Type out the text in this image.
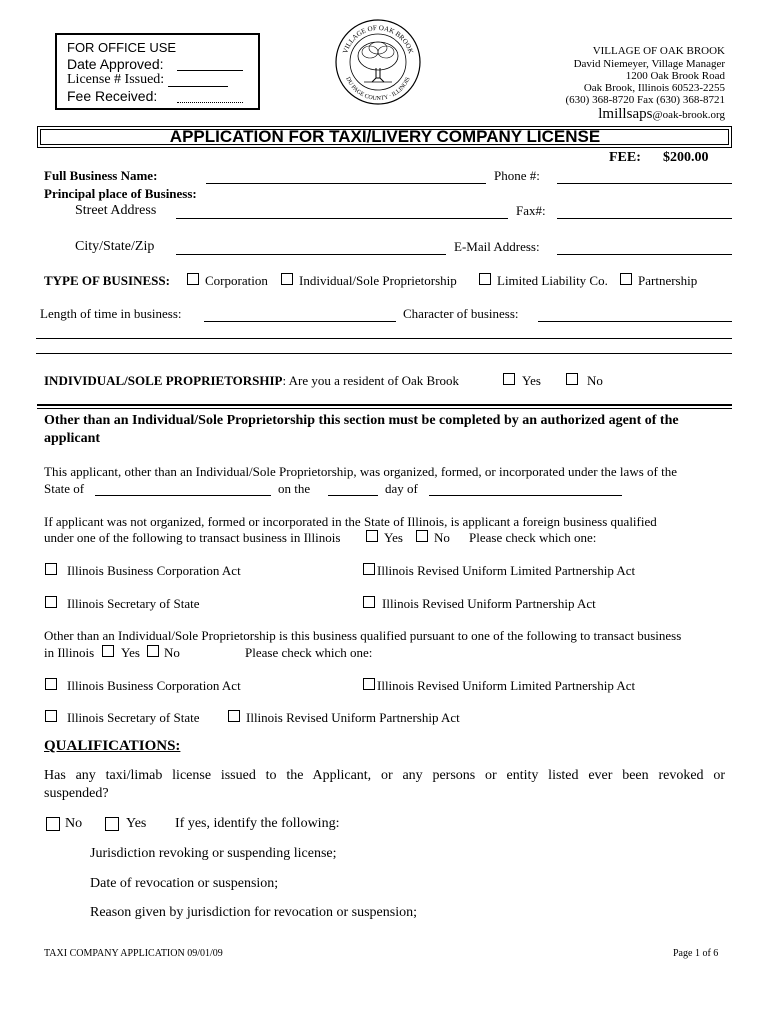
FOR OFFICE USE
Date Approved:
License # Issued:
Fee Received:
VILLAGE OF OAK BROOK
DU PAGE COUNTY · ILLINOIS
VILLAGE OF OAK BROOK
David Niemeyer, Village Manager
1200 Oak Brook Road
Oak Brook, Illinois 60523-2255
(630) 368-8720 Fax (630) 368-8721
lmillsaps@oak-brook.org
APPLICATION FOR TAXI/LIVERY COMPANY LICENSE
FEE: $200.00
Full Business Name:	Phone #:
Principal place of Business:
Street Address	Fax#:
City/State/Zip	E-Mail Address:
TYPE OF BUSINESS:	Corporation Individual/Sole Proprietorship	Limited Liability Co. Partnership
Length of time in business:	Character of business:
INDIVIDUAL/SOLE PROPRIETORSHIP: Are you a resident of Oak Brook	Yes	No
Other than an Individual/Sole Proprietorship this section must be completed by an authorized agent of the applicant
This applicant, other than an Individual/Sole Proprietorship, was organized, formed, or incorporated under the laws of the
State of	on the	day of
If applicant was not organized, formed or incorporated in the State of Illinois, is applicant a foreign business qualified
under one of the following to transact business in Illinois	Yes No Please check which one:
Illinois Business Corporation Act	Illinois Revised Uniform Limited Partnership Act
Illinois Secretary of State	Illinois Revised Uniform Partnership Act
Other than an Individual/Sole Proprietorship is this business qualified pursuant to one of the following to transact business
in Illinois Yes No	Please check which one:
Illinois Business Corporation Act	Illinois Revised Uniform Limited Partnership Act
Illinois Secretary of State	Illinois Revised Uniform Partnership Act
QUALIFICATIONS:
Has any taxi/limab license issued to the Applicant, or any persons or entity listed ever been revoked or
suspended?
No	Yes If yes, identify the following:
Jurisdiction revoking or suspending license;
Date of revocation or suspension;
Reason given by jurisdiction for revocation or suspension;
TAXI COMPANY APPLICATION 09/01/09	Page 1 of 6
